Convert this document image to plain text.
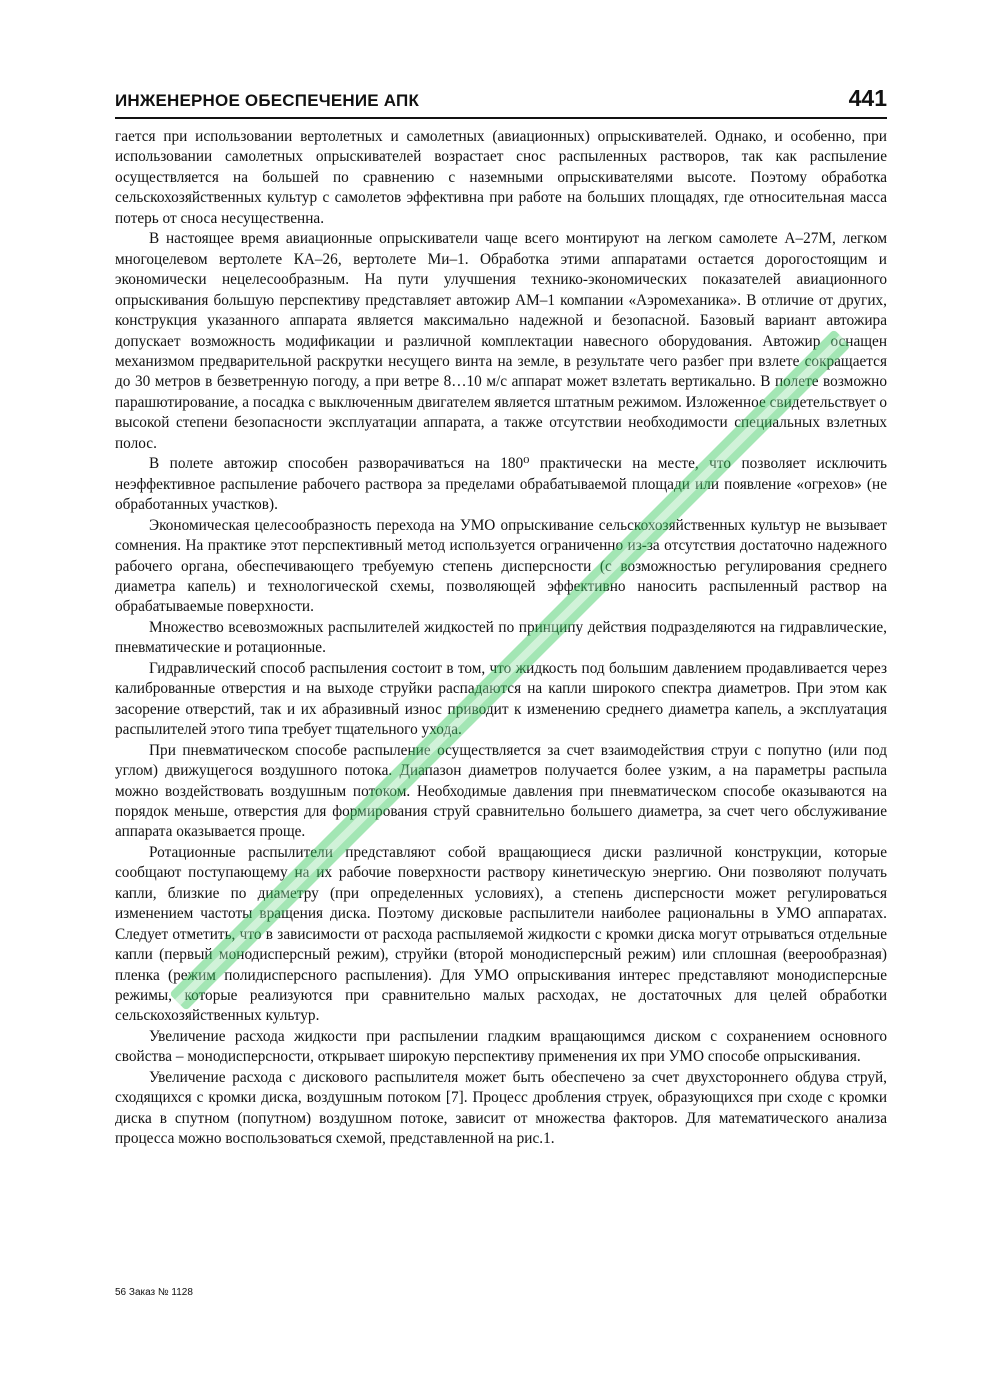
ИНЖЕНЕРНОЕ ОБЕСПЕЧЕНИЕ АПК	441

гается при использовании вертолетных и самолетных (авиационных) опрыскивателей. Однако, и особенно, при использовании самолетных опрыскивателей возрастает снос распыленных растворов, так как распыление осуществляется на большей по сравнению с наземными опрыскивателями высоте. Поэтому обработка сельскохозяйственных культур с самолетов эффективна при работе на больших площадях, где относительная масса потерь от сноса несущественна.

В настоящее время авиационные опрыскиватели чаще всего монтируют на легком самолете А–27М, легком многоцелевом вертолете КА–26, вертолете Ми–1. Обработка этими аппаратами остается дорогостоящим и экономически нецелесообразным. На пути улучшения технико-экономических показателей авиационного опрыскивания большую перспективу представляет автожир АМ–1 компании «Аэромеханика». В отличие от других, конструкция указанного аппарата является максимально надежной и безопасной. Базовый вариант автожира допускает возможность модификации и различной комплектации навесного оборудования. Автожир оснащен механизмом предварительной раскрутки несущего винта на земле, в результате чего разбег при взлете сокращается до 30 метров в безветренную погоду, а при ветре 8…10 м/с аппарат может взлетать вертикально. В полете возможно парашютирование, а посадка с выключенным двигателем является штатным режимом. Изложенное свидетельствует о высокой степени безопасности эксплуатации аппарата, а также отсутствии необходимости специальных взлетных полос.

В полете автожир способен разворачиваться на 180⁰ практически на месте, что позволяет исключить неэффективное распыление рабочего раствора за пределами обрабатываемой площади или появление «огрехов» (не обработанных участков).

Экономическая целесообразность перехода на УМО опрыскивание сельскохозяйственных культур не вызывает сомнения. На практике этот перспективный метод используется ограниченно из-за отсутствия достаточно надежного рабочего органа, обеспечивающего требуемую степень дисперсности (с возможностью регулирования среднего диаметра капель) и технологической схемы, позволяющей эффективно наносить распыленный раствор на обрабатываемые поверхности.

Множество всевозможных распылителей жидкостей по принципу действия подразделяются на гидравлические, пневматические и ротационные.

Гидравлический способ распыления состоит в том, что жидкость под большим давлением продавливается через калиброванные отверстия и на выходе струйки распадаются на капли широкого спектра диаметров. При этом как засорение отверстий, так и их абразивный износ приводит к изменению среднего диаметра капель, а эксплуатация распылителей этого типа требует тщательного ухода.

При пневматическом способе распыление осуществляется за счет взаимодействия струи с попутно (или под углом) движущегося воздушного потока. Диапазон диаметров получается более узким, а на параметры распыла можно воздействовать воздушным потоком. Необходимые давления при пневматическом способе оказываются на порядок меньше, отверстия для формирования струй сравнительно большего диаметра, за счет чего обслуживание аппарата оказывается проще.

Ротационные распылители представляют собой вращающиеся диски различной конструкции, которые сообщают поступающему на их рабочие поверхности раствору кинетическую энергию. Они позволяют получать капли, близкие по диаметру (при определенных условиях), а степень дисперсности может регулироваться изменением частоты вращения диска. Поэтому дисковые распылители наиболее рациональны в УМО аппаратах. Следует отметить, что в зависимости от расхода распыляемой жидкости с кромки диска могут отрываться отдельные капли (первый монодисперсный режим), струйки (второй монодисперсный режим) или сплошная (веерообразная) пленка (режим полидисперсного распыления). Для УМО опрыскивания интерес представляют монодисперсные режимы, которые реализуются при сравнительно малых расходах, не достаточных для целей обработки сельскохозяйственных культур.

Увеличение расхода жидкости при распылении гладким вращающимся диском с сохранением основного свойства – монодисперсности, открывает широкую перспективу применения их при УМО способе опрыскивания.

Увеличение расхода с дискового распылителя может быть обеспечено за счет двухстороннего обдува струй, сходящихся с кромки диска, воздушным потоком [7]. Процесс дробления струек, образующихся при сходе с кромки диска в спутном (попутном) воздушном потоке, зависит от множества факторов. Для математического анализа процесса можно воспользоваться схемой, представленной на рис.1.

56 Заказ № 1128
